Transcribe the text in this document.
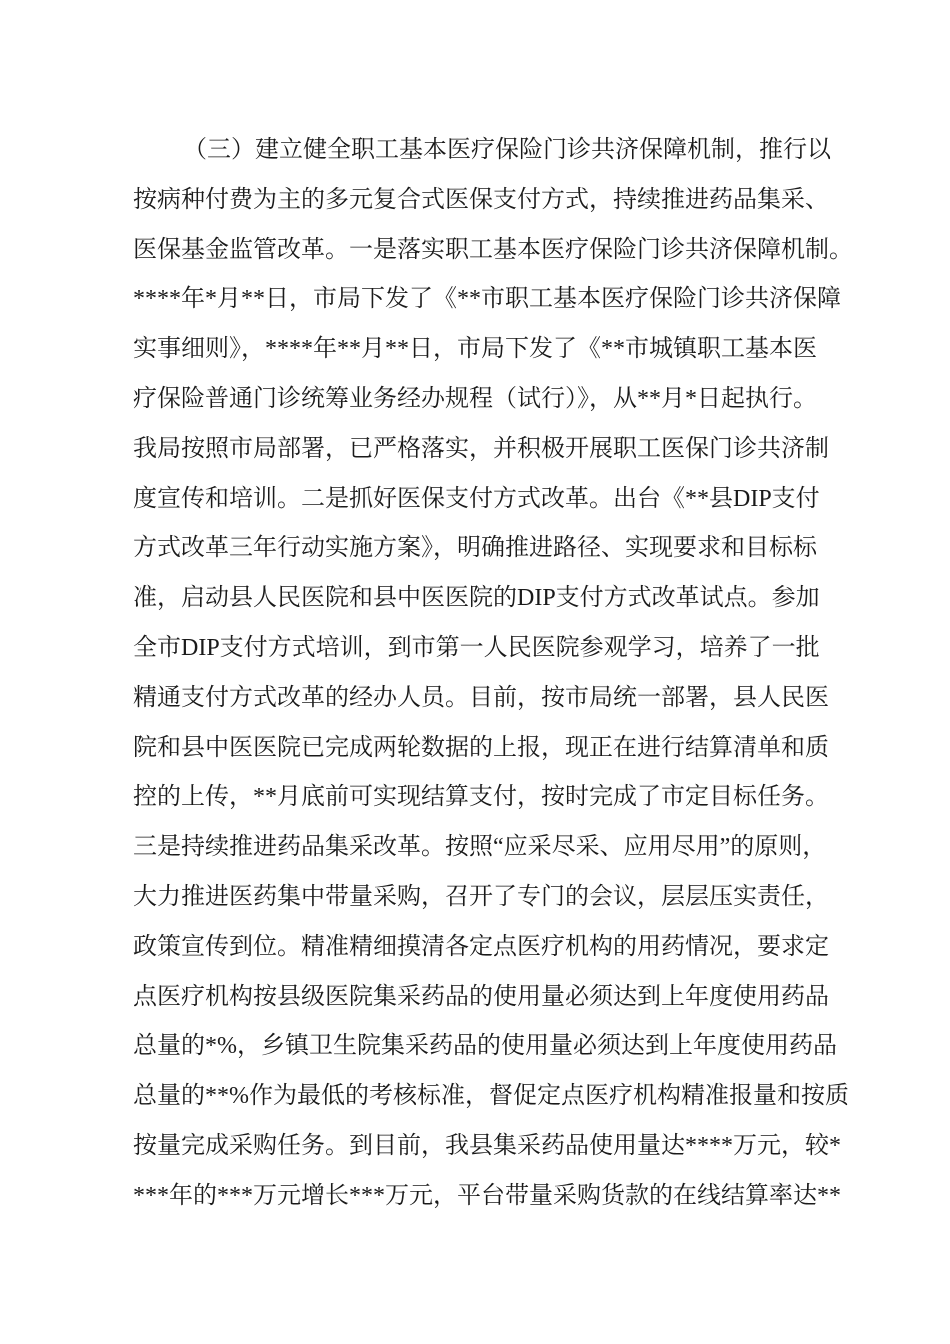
（三）建立健全职工基本医疗保险门诊共济保障机制，推行以
按病种付费为主的多元复合式医保支付方式，持续推进药品集采、
医保基金监管改革。一是落实职工基本医疗保险门诊共济保障机制。
****年*月**日，市局下发了《**市职工基本医疗保险门诊共济保障
实事细则》，****年**月**日，市局下发了《**市城镇职工基本医
疗保险普通门诊统筹业务经办规程（试行）》，从**月*日起执行。
我局按照市局部署，已严格落实，并积极开展职工医保门诊共济制
度宣传和培训。二是抓好医保支付方式改革。出台《**县DIP支付
方式改革三年行动实施方案》，明确推进路径、实现要求和目标标
准，启动县人民医院和县中医医院的DIP支付方式改革试点。参加
全市DIP支付方式培训，到市第一人民医院参观学习，培养了一批
精通支付方式改革的经办人员。目前，按市局统一部署，县人民医
院和县中医医院已完成两轮数据的上报，现正在进行结算清单和质
控的上传，**月底前可实现结算支付，按时完成了市定目标任务。
三是持续推进药品集采改革。按照“应采尽采、应用尽用”的原则，
大力推进医药集中带量采购，召开了专门的会议，层层压实责任，
政策宣传到位。精准精细摸清各定点医疗机构的用药情况，要求定
点医疗机构按县级医院集采药品的使用量必须达到上年度使用药品
总量的*%，乡镇卫生院集采药品的使用量必须达到上年度使用药品
总量的**%作为最低的考核标准，督促定点医疗机构精准报量和按质
按量完成采购任务。到目前，我县集采药品使用量达****万元，较*
***年的***万元增长***万元，平台带量采购货款的在线结算率达**
